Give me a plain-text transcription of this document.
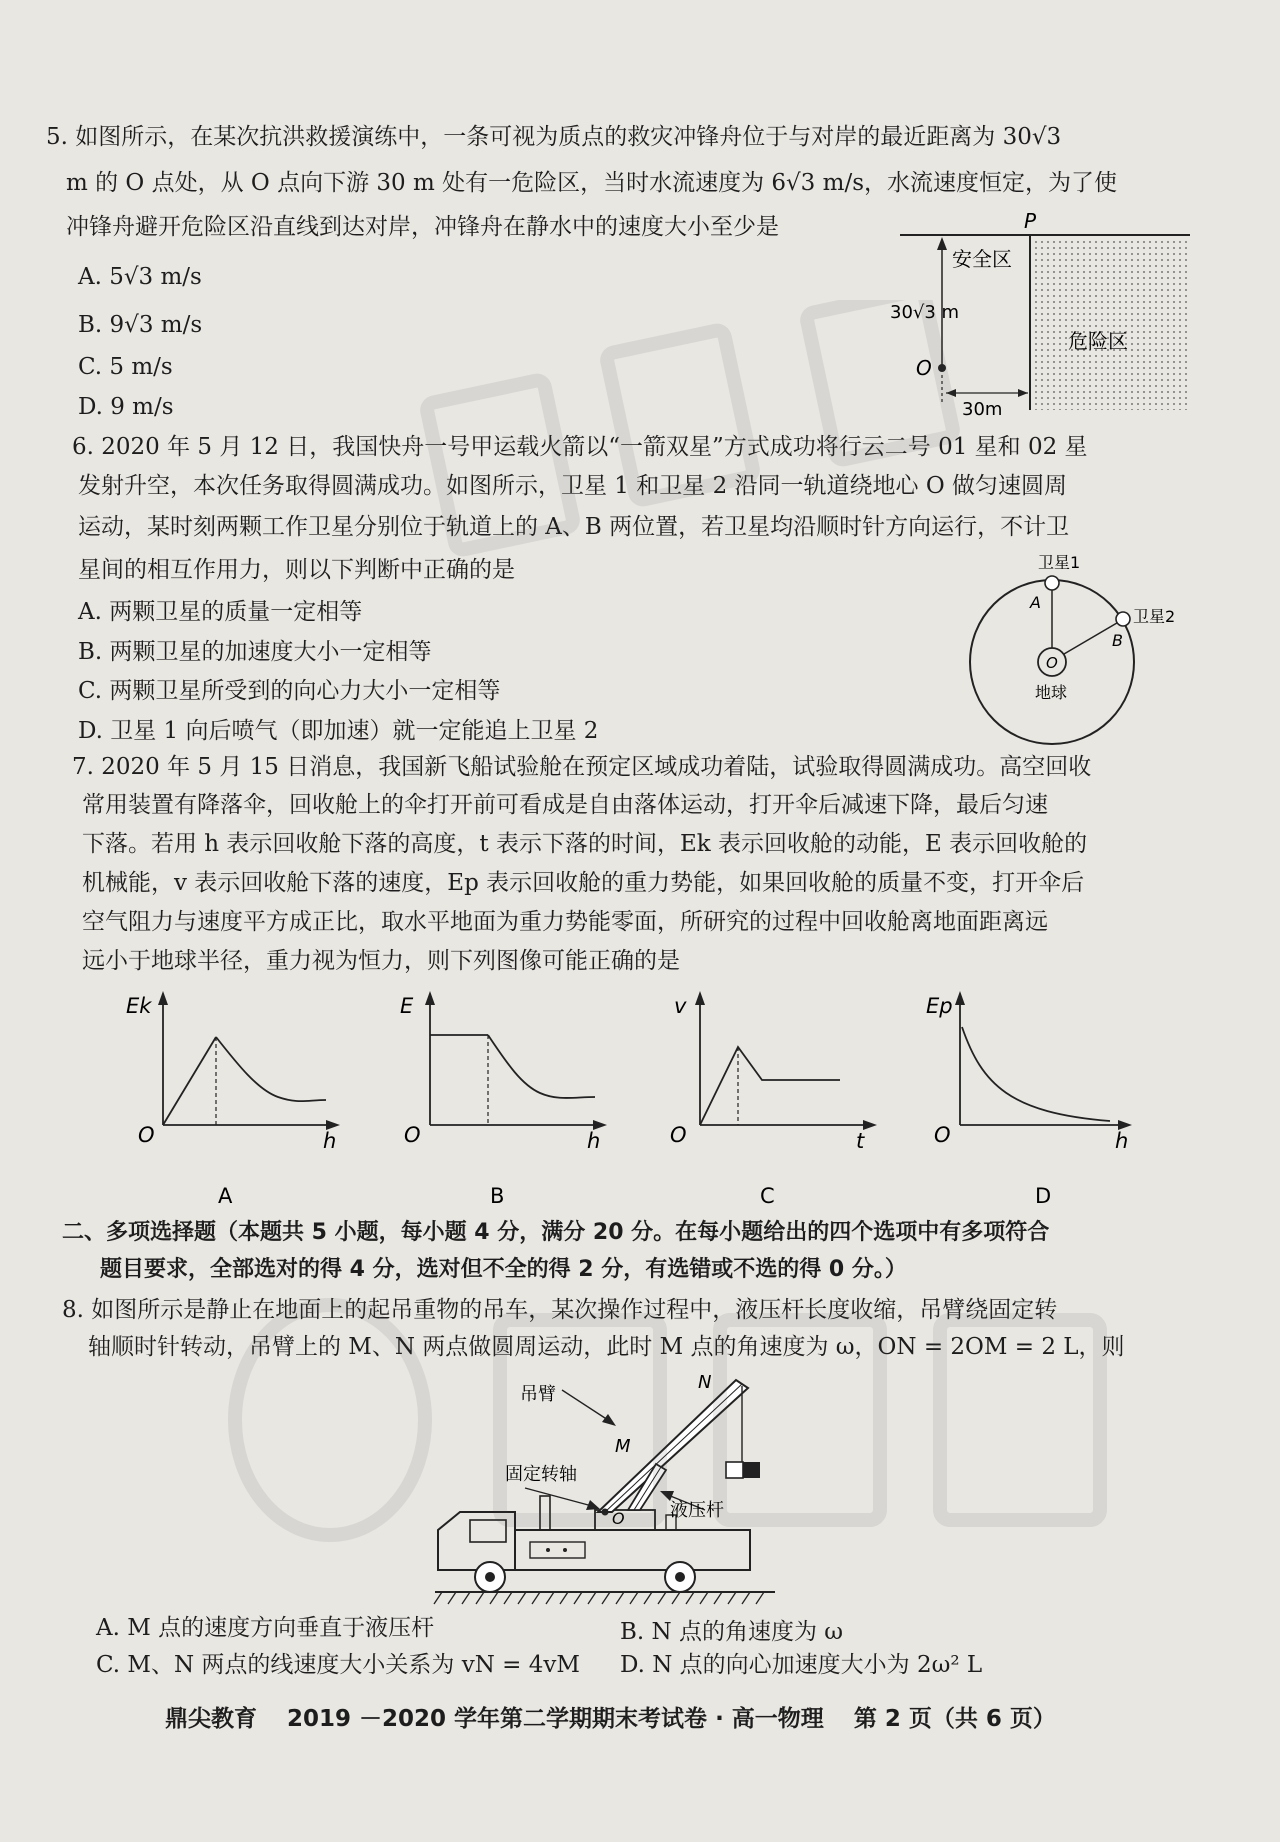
5. 如图所示，在某次抗洪救援演练中，一条可视为质点的救灾冲锋舟位于与对岸的最近距离为 30√3
m 的 O 点处，从 O 点向下游 30 m 处有一危险区，当时水流速度为 6√3 m/s，水流速度恒定，为了使
冲锋舟避开危险区沿直线到达对岸，冲锋舟在静水中的速度大小至少是
A. 5√3 m/s
B. 9√3 m/s
C. 5 m/s
D. 9 m/s
P
安全区
30√3 m
O
危险区
30m
6. 2020 年 5 月 12 日，我国快舟一号甲运载火箭以“一箭双星”方式成功将行云二号 01 星和 02 星
发射升空，本次任务取得圆满成功。如图所示，卫星 1 和卫星 2 沿同一轨道绕地心 O 做匀速圆周
运动，某时刻两颗工作卫星分别位于轨道上的 A、B 两位置，若卫星均沿顺时针方向运行，不计卫
星间的相互作用力，则以下判断中正确的是
A. 两颗卫星的质量一定相等
B. 两颗卫星的加速度大小一定相等
C. 两颗卫星所受到的向心力大小一定相等
D. 卫星 1 向后喷气（即加速）就一定能追上卫星 2
卫星1
卫星2
A
B
O
地球
7. 2020 年 5 月 15 日消息，我国新飞船试验舱在预定区域成功着陆，试验取得圆满成功。高空回收
常用装置有降落伞，回收舱上的伞打开前可看成是自由落体运动，打开伞后减速下降，最后匀速
下落。若用 h 表示回收舱下落的高度，t 表示下落的时间，Ek 表示回收舱的动能，E 表示回收舱的
机械能，v 表示回收舱下落的速度，Ep 表示回收舱的重力势能，如果回收舱的质量不变，打开伞后
空气阻力与速度平方成正比，取水平地面为重力势能零面，所研究的过程中回收舱离地面距离远
远小于地球半径，重力视为恒力，则下列图像可能正确的是
Ek
O	h
A
E
O	h
B
v
O	t
C
Ep
O	h
D
二、多项选择题（本题共 5 小题，每小题 4 分，满分 20 分。在每小题给出的四个选项中有多项符合
题目要求，全部选对的得 4 分，选对但不全的得 2 分，有选错或不选的得 0 分。）
8. 如图所示是静止在地面上的起吊重物的吊车，某次操作过程中，液压杆长度收缩，吊臂绕固定转
轴顺时针转动，吊臂上的 M、N 两点做圆周运动，此时 M 点的角速度为 ω，ON = 2OM = 2 L，则
O
M
N
吊臂
固定转轴
液压杆
A. M 点的速度方向垂直于液压杆	B. N 点的角速度为 ω
C. M、N 两点的线速度大小关系为 vN = 4vM D. N 点的向心加速度大小为 2ω² L
鼎尖教育 2019 －2020 学年第二学期期末考试卷 · 高一物理 第 2 页（共 6 页）
